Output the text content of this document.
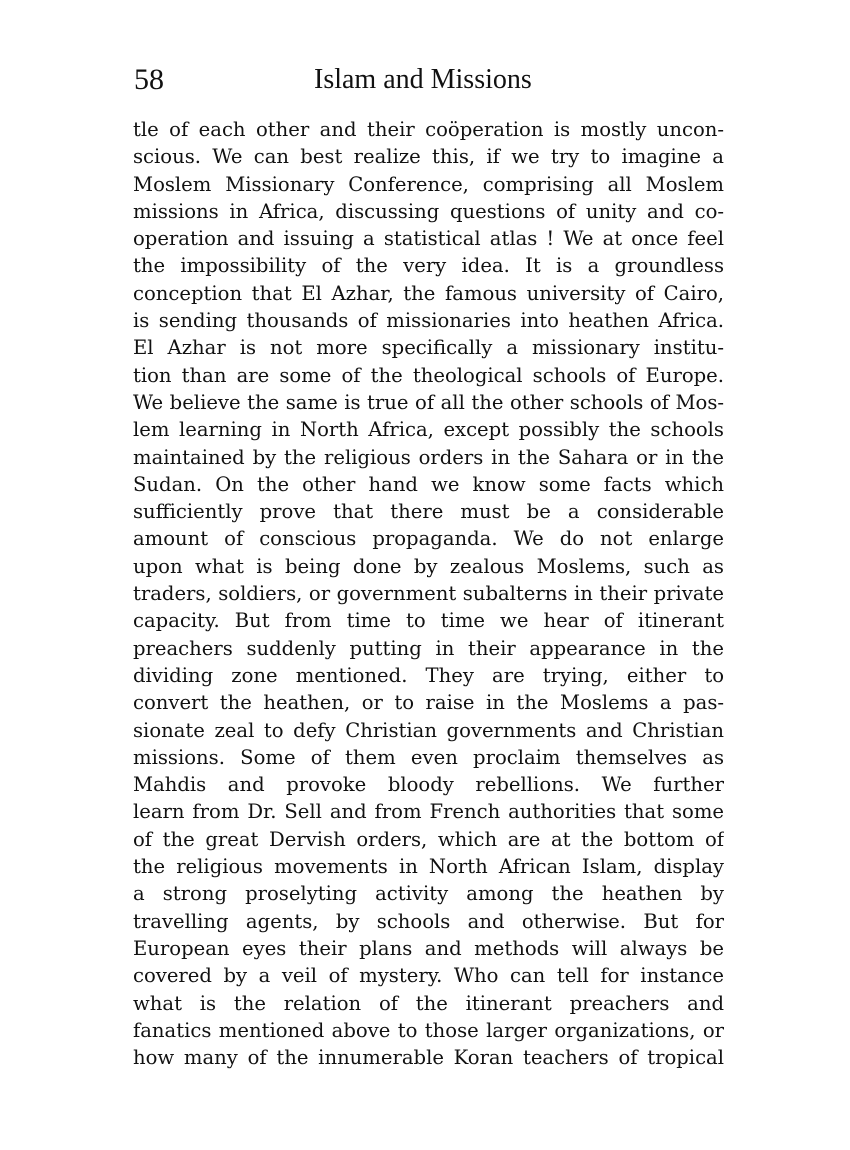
58	Islam and Missions
tle of each other and their coöperation is mostly uncon-
scious. We can best realize this, if we try to imagine a
Moslem Missionary Conference, comprising all Moslem
missions in Africa, discussing questions of unity and co-
operation and issuing a statistical atlas ! We at once feel
the impossibility of the very idea. It is a groundless
conception that El Azhar, the famous university of Cairo,
is sending thousands of missionaries into heathen Africa.
El Azhar is not more specifically a missionary institu-
tion than are some of the theological schools of Europe.
We believe the same is true of all the other schools of Mos-
lem learning in North Africa, except possibly the schools
maintained by the religious orders in the Sahara or in the
Sudan. On the other hand we know some facts which
sufficiently prove that there must be a considerable
amount of conscious propaganda. We do not enlarge
upon what is being done by zealous Moslems, such as
traders, soldiers, or government subalterns in their private
capacity. But from time to time we hear of itinerant
preachers suddenly putting in their appearance in the
dividing zone mentioned. They are trying, either to
convert the heathen, or to raise in the Moslems a pas-
sionate zeal to defy Christian governments and Christian
missions. Some of them even proclaim themselves as
Mahdis and provoke bloody rebellions. We further
learn from Dr. Sell and from French authorities that some
of the great Dervish orders, which are at the bottom of
the religious movements in North African Islam, display
a strong proselyting activity among the heathen by
travelling agents, by schools and otherwise. But for
European eyes their plans and methods will always be
covered by a veil of mystery. Who can tell for instance
what is the relation of the itinerant preachers and
fanatics mentioned above to those larger organizations, or
how many of the innumerable Koran teachers of tropical
